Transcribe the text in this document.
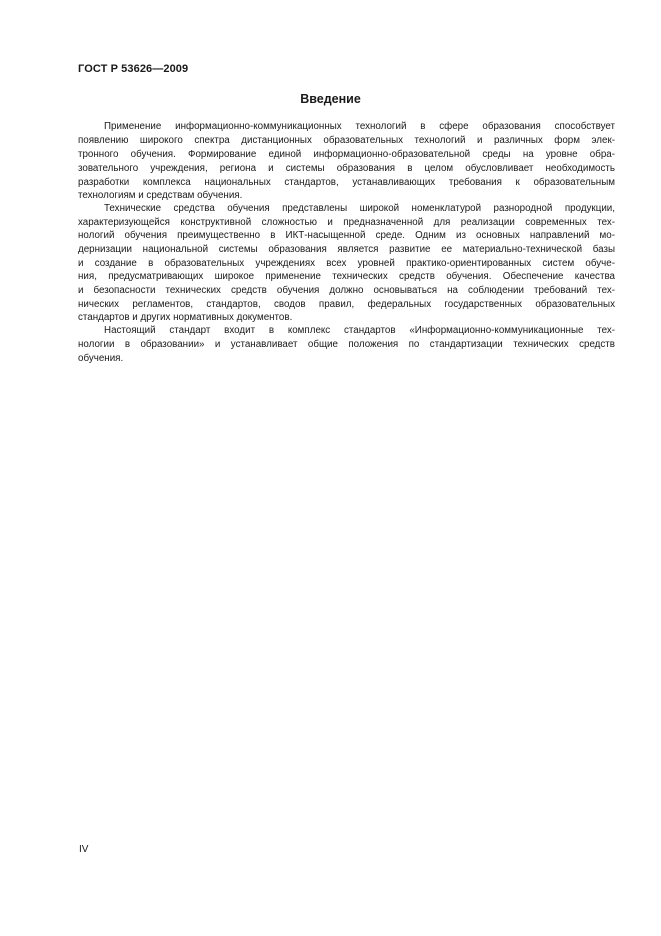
ГОСТ Р 53626—2009
Введение
Применение информационно-коммуникационных технологий в сфере образования способствует
появлению широкого спектра дистанционных образовательных технологий и различных форм элек-
тронного обучения. Формирование единой информационно-образовательной среды на уровне обра-
зовательного учреждения, региона и системы образования в целом обусловливает необходимость
разработки комплекса национальных стандартов, устанавливающих требования к образовательным
технологиям и средствам обучения.
Технические средства обучения представлены широкой номенклатурой разнородной продукции,
характеризующейся конструктивной сложностью и предназначенной для реализации современных тех-
нологий обучения преимущественно в ИКТ-насыщенной среде. Одним из основных направлений мо-
дернизации национальной системы образования является развитие ее материально-технической базы
и создание в образовательных учреждениях всех уровней практико-ориентированных систем обуче-
ния, предусматривающих широкое применение технических средств обучения. Обеспечение качества
и безопасности технических средств обучения должно основываться на соблюдении требований тех-
нических регламентов, стандартов, сводов правил, федеральных государственных образовательных
стандартов и других нормативных документов.
Настоящий стандарт входит в комплекс стандартов «Информационно-коммуникационные тех-
нологии в образовании» и устанавливает общие положения по стандартизации технических средств
обучения.
IV
